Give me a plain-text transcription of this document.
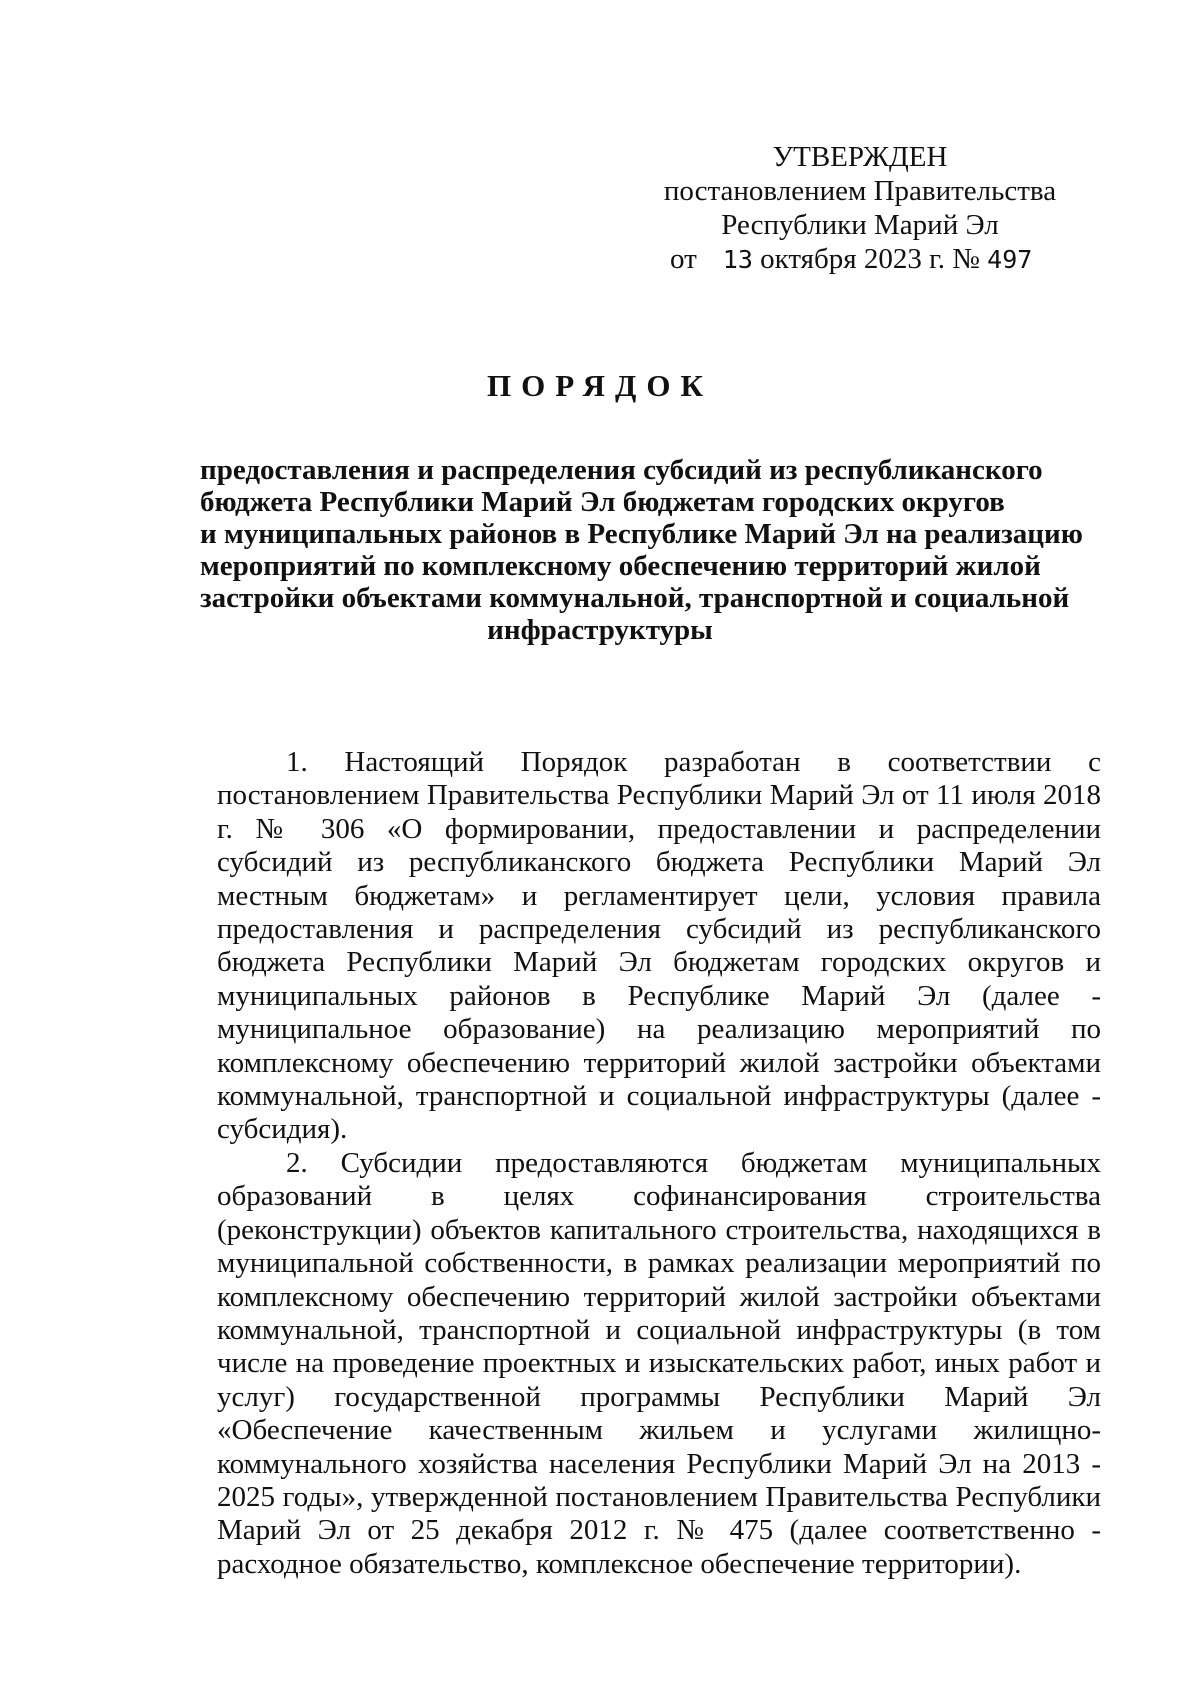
УТВЕРЖДЕН
постановлением Правительства
Республики Марий Эл
от 13 октября 2023 г. № 497
ПОРЯДОК
предоставления и распределения субсидий из республиканского
бюджета Республики Марий Эл бюджетам городских округов
и муниципальных районов в Республике Марий Эл на реализацию
мероприятий по комплексному обеспечению территорий жилой
застройки объектами коммунальной, транспортной и социальной
инфраструктуры

1. Настоящий Порядок разработан в соответствии с постановлением Правительства Республики Марий Эл от 11 июля 2018 г. № 306 «О формировании, предоставлении и распределении субсидий из республиканского бюджета Республики Марий Эл местным бюджетам» и регламентирует цели, условия правила предоставления и распределения субсидий из республиканского бюджета Республики Марий Эл бюджетам городских округов и муниципальных районов в Республике Марий Эл (далее - муниципальное образование) на реализацию мероприятий по комплексному обеспечению территорий жилой застройки объектами коммунальной, транспортной и социальной инфраструктуры (далее - субсидия).

2. Субсидии предоставляются бюджетам муниципальных образований в целях софинансирования строительства (реконструкции) объектов капитального строительства, находящихся в муниципальной собственности, в рамках реализации мероприятий по комплексному обеспечению территорий жилой застройки объектами коммунальной, транспортной и социальной инфраструктуры (в том числе на проведение проектных и изыскательских работ, иных работ и услуг) государственной программы Республики Марий Эл «Обеспечение качественным жильем и услугами жилищно-коммунального хозяйства населения Республики Марий Эл на 2013 - 2025 годы», утвержденной постановлением Правительства Республики Марий Эл от 25 декабря 2012 г. № 475 (далее соответственно - расходное обязательство, комплексное обеспечение территории).
